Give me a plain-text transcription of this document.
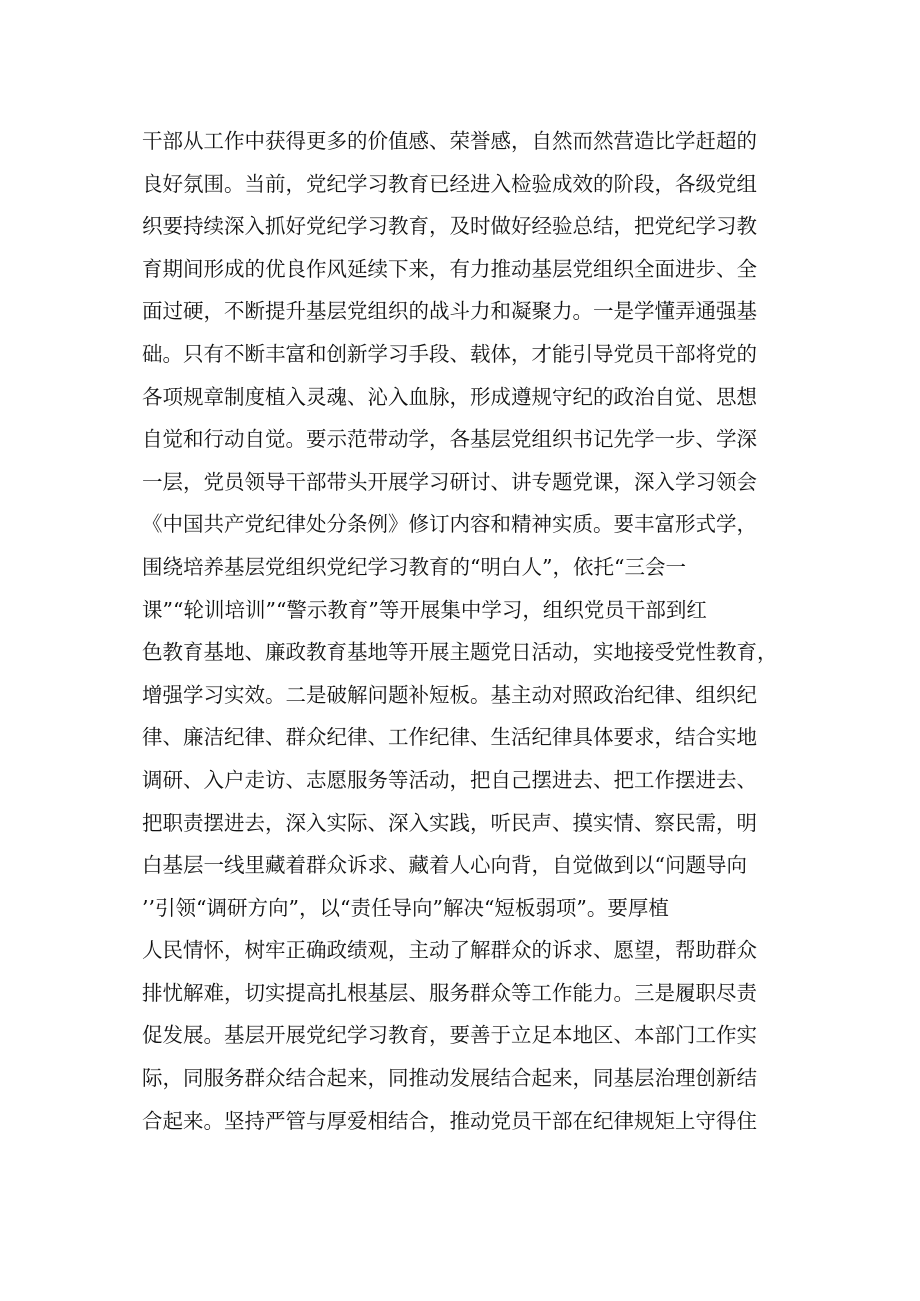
干部从工作中获得更多的价值感、荣誉感，自然而然营造比学赶超的
良好氛围。当前，党纪学习教育已经进入检验成效的阶段，各级党组
织要持续深入抓好党纪学习教育，及时做好经验总结，把党纪学习教
育期间形成的优良作风延续下来，有力推动基层党组织全面进步、全
面过硬，不断提升基层党组织的战斗力和凝聚力。一是学懂弄通强基
础。只有不断丰富和创新学习手段、载体，才能引导党员干部将党的
各项规章制度植入灵魂、沁入血脉，形成遵规守纪的政治自觉、思想
自觉和行动自觉。要示范带动学，各基层党组织书记先学一步、学深
一层，党员领导干部带头开展学习研讨、讲专题党课，深入学习领会
《中国共产党纪律处分条例》修订内容和精神实质。要丰富形式学，
围绕培养基层党组织党纪学习教育的“明白人”，依托“三会一
课”“轮训培训”“警示教育”等开展集中学习，组织党员干部到红
色教育基地、廉政教育基地等开展主题党日活动，实地接受党性教育，
增强学习实效。二是破解问题补短板。基主动对照政治纪律、组织纪
律、廉洁纪律、群众纪律、工作纪律、生活纪律具体要求，结合实地
调研、入户走访、志愿服务等活动，把自己摆进去、把工作摆进去、
把职责摆进去，深入实际、深入实践，听民声、摸实情、察民需，明
白基层一线里藏着群众诉求、藏着人心向背，自觉做到以“问题导向
’’引领“调研方向”，以“责任导向”解决“短板弱项”。要厚植
人民情怀，树牢正确政绩观，主动了解群众的诉求、愿望，帮助群众
排忧解难，切实提高扎根基层、服务群众等工作能力。三是履职尽责
促发展。基层开展党纪学习教育，要善于立足本地区、本部门工作实
际，同服务群众结合起来，同推动发展结合起来，同基层治理创新结
合起来。坚持严管与厚爱相结合，推动党员干部在纪律规矩上守得住
